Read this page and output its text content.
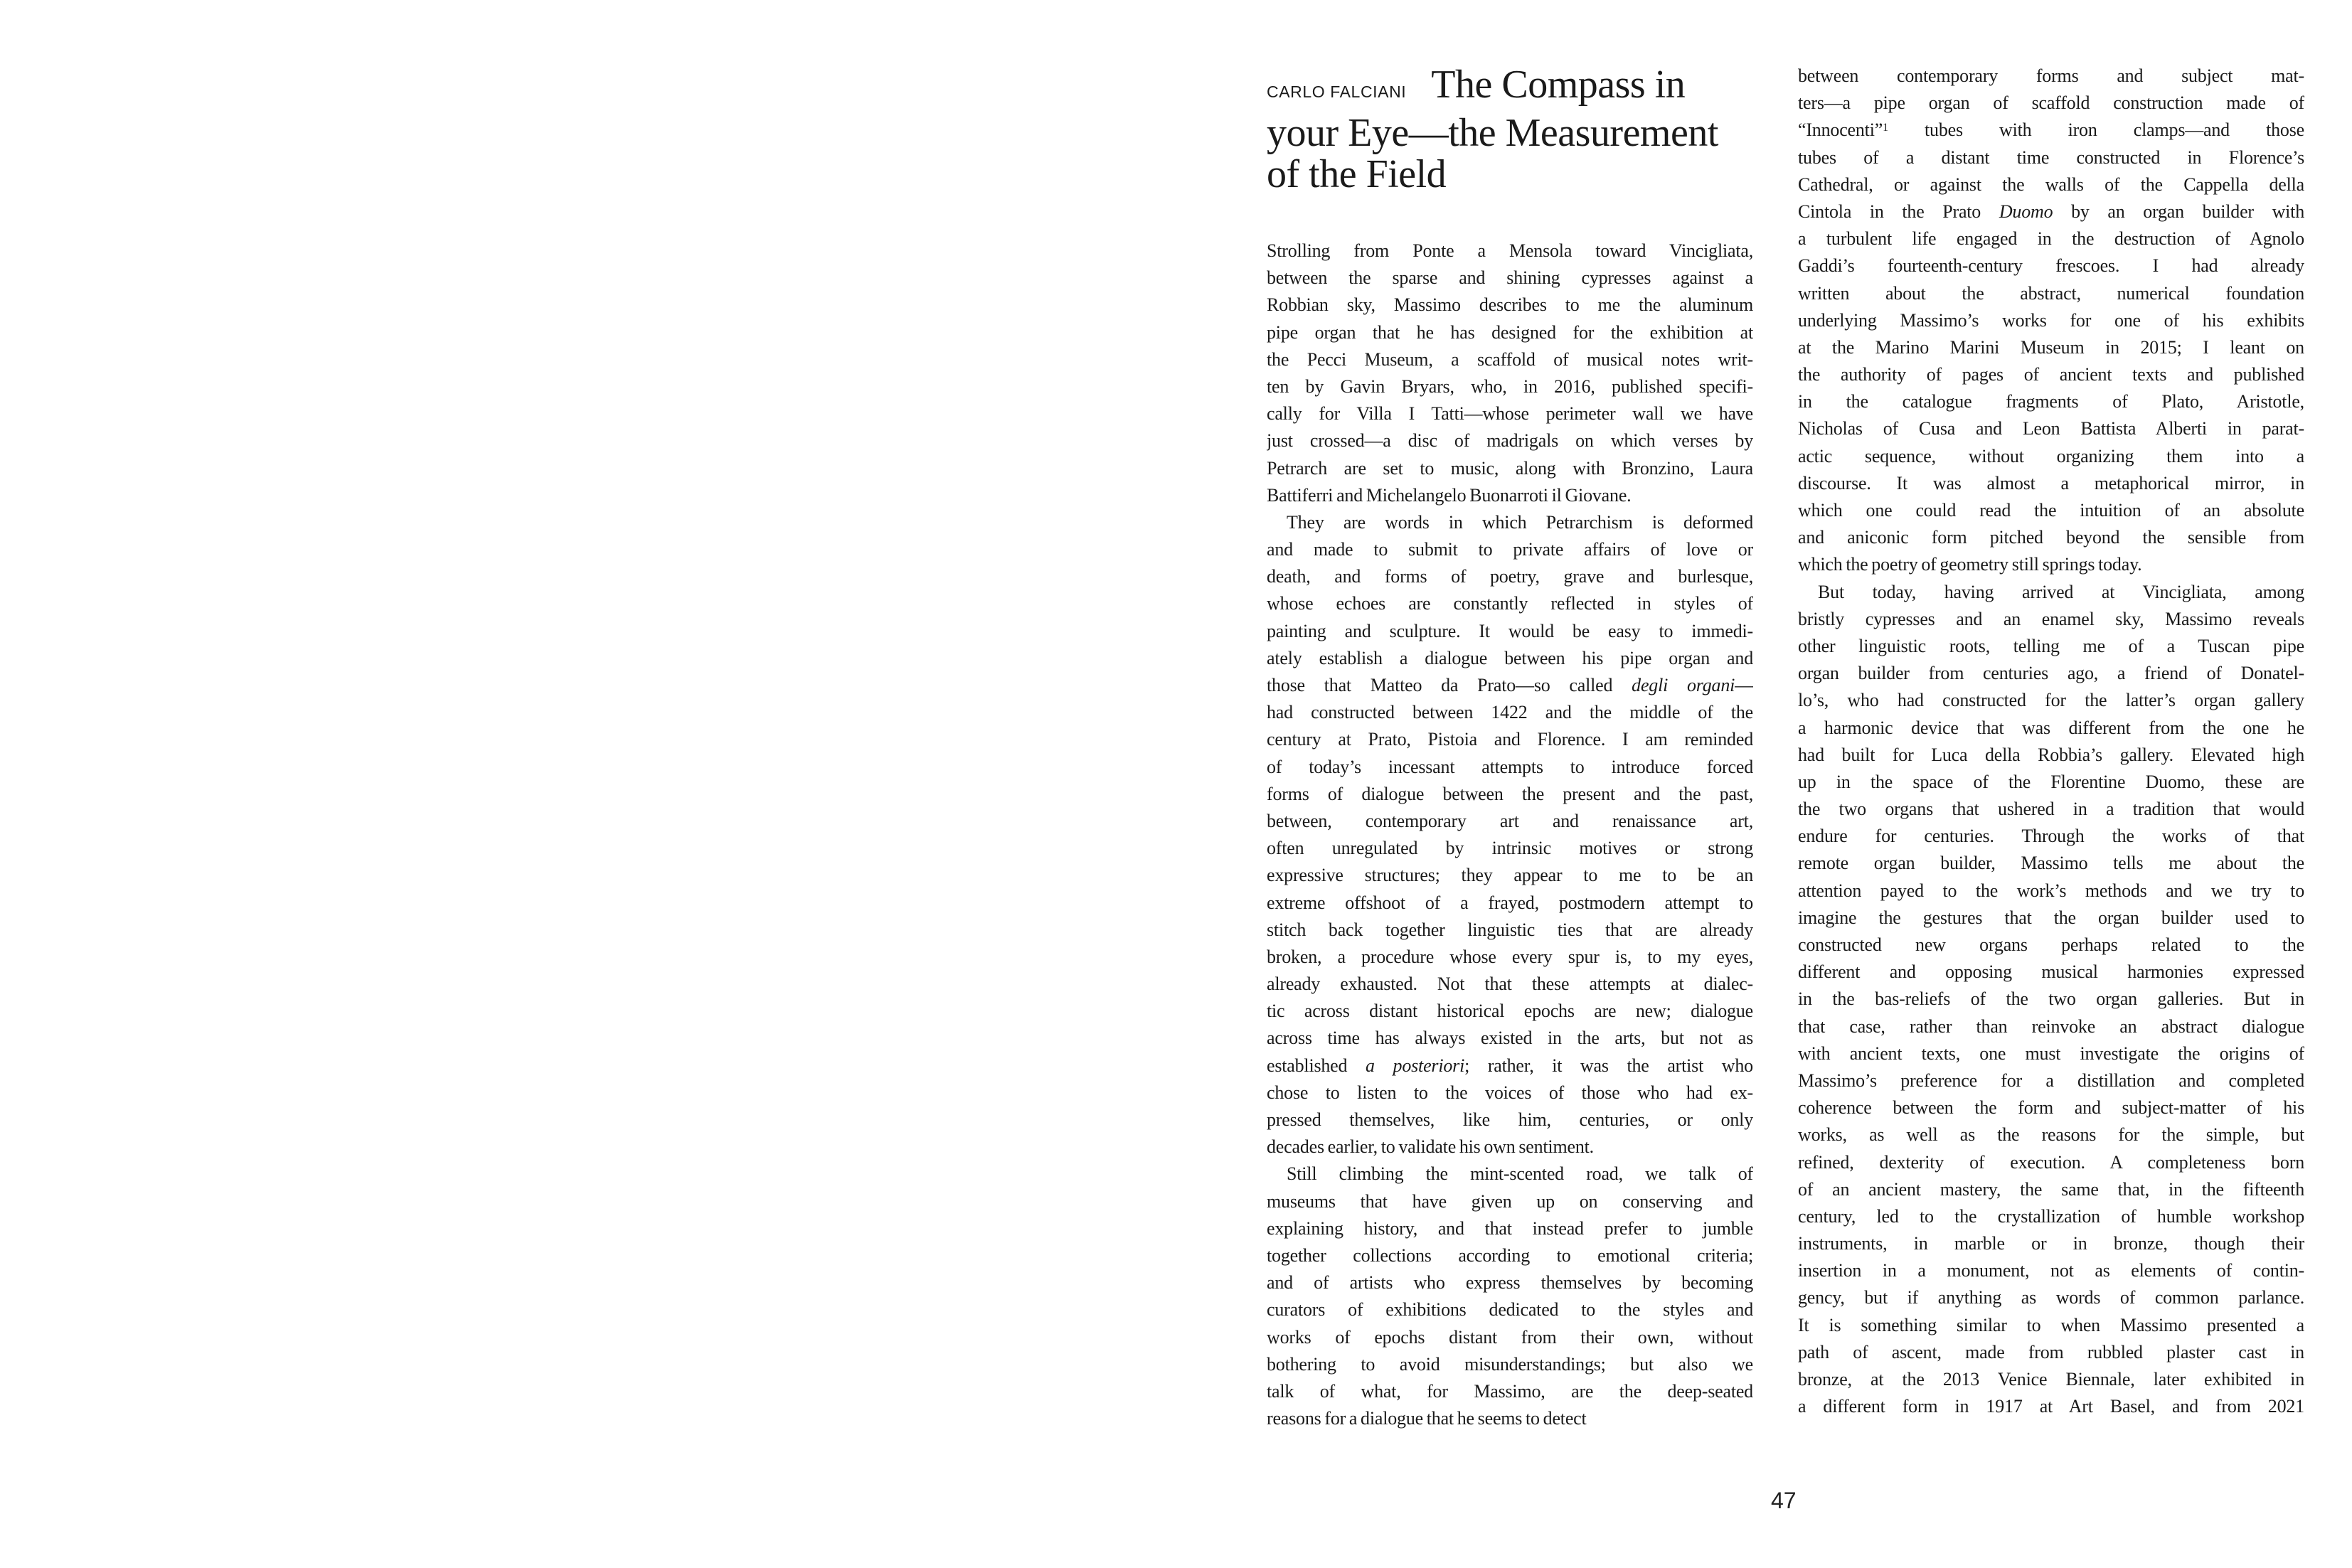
CARLO FALCIANI The Compass in
your Eye—the Measurement
of the Field
Strolling from Ponte a Mensola toward Vincigliata,
between the sparse and shining cypresses against a
Robbian sky, Massimo describes to me the aluminum
pipe organ that he has designed for the exhibition at
the Pecci Museum, a scaffold of musical notes writ-
ten by Gavin Bryars, who, in 2016, published specifi-
cally for Villa I Tatti—whose perimeter wall we have
just crossed—a disc of madrigals on which verses by
Petrarch are set to music, along with Bronzino, Laura
Battiferri and Michelangelo Buonarroti il Giovane.
They are words in which Petrarchism is deformed
and made to submit to private affairs of love or
death, and forms of poetry, grave and burlesque,
whose echoes are constantly reflected in styles of
painting and sculpture. It would be easy to immedi-
ately establish a dialogue between his pipe organ and
those that Matteo da Prato—so called degli organi—
had constructed between 1422 and the middle of the
century at Prato, Pistoia and Florence. I am reminded
of today’s incessant attempts to introduce forced
forms of dialogue between the present and the past,
between, contemporary art and renaissance art,
often unregulated by intrinsic motives or strong
expressive structures; they appear to me to be an
extreme offshoot of a frayed, postmodern attempt to
stitch back together linguistic ties that are already
broken, a procedure whose every spur is, to my eyes,
already exhausted. Not that these attempts at dialec-
tic across distant historical epochs are new; dialogue
across time has always existed in the arts, but not as
established a posteriori; rather, it was the artist who
chose to listen to the voices of those who had ex-
pressed themselves, like him, centuries, or only
decades earlier, to validate his own sentiment.
Still climbing the mint-scented road, we talk of
museums that have given up on conserving and
explaining history, and that instead prefer to jumble
together collections according to emotional criteria;
and of artists who express themselves by becoming
curators of exhibitions dedicated to the styles and
works of epochs distant from their own, without
bothering to avoid misunderstandings; but also we
talk of what, for Massimo, are the deep-seated
reasons for a dialogue that he seems to detect
between contemporary forms and subject mat-
ters—a pipe organ of scaffold construction made of
“Innocenti”$^1$ tubes with iron clamps—and those
tubes of a distant time constructed in Florence’s
Cathedral, or against the walls of the Cappella della
Cintola in the Prato Duomo by an organ builder with
a turbulent life engaged in the destruction of Agnolo
Gaddi’s fourteenth-century frescoes. I had already
written about the abstract, numerical foundation
underlying Massimo’s works for one of his exhibits
at the Marino Marini Museum in 2015; I leant on
the authority of pages of ancient texts and published
in the catalogue fragments of Plato, Aristotle,
Nicholas of Cusa and Leon Battista Alberti in parat-
actic sequence, without organizing them into a
discourse. It was almost a metaphorical mirror, in
which one could read the intuition of an absolute
and aniconic form pitched beyond the sensible from
which the poetry of geometry still springs today.
But today, having arrived at Vincigliata, among
bristly cypresses and an enamel sky, Massimo reveals
other linguistic roots, telling me of a Tuscan pipe
organ builder from centuries ago, a friend of Donatel-
lo’s, who had constructed for the latter’s organ gallery
a harmonic device that was different from the one he
had built for Luca della Robbia’s gallery. Elevated high
up in the space of the Florentine Duomo, these are
the two organs that ushered in a tradition that would
endure for centuries. Through the works of that
remote organ builder, Massimo tells me about the
attention payed to the work’s methods and we try to
imagine the gestures that the organ builder used to
constructed new organs perhaps related to the
different and opposing musical harmonies expressed
in the bas-reliefs of the two organ galleries. But in
that case, rather than reinvoke an abstract dialogue
with ancient texts, one must investigate the origins of
Massimo’s preference for a distillation and completed
coherence between the form and subject-matter of his
works, as well as the reasons for the simple, but
refined, dexterity of execution. A completeness born
of an ancient mastery, the same that, in the fifteenth
century, led to the crystallization of humble workshop
instruments, in marble or in bronze, though their
insertion in a monument, not as elements of contin-
gency, but if anything as words of common parlance.
It is something similar to when Massimo presented a
path of ascent, made from rubbled plaster cast in
bronze, at the 2013 Venice Biennale, later exhibited in
a different form in 1917 at Art Basel, and from 2021
47
